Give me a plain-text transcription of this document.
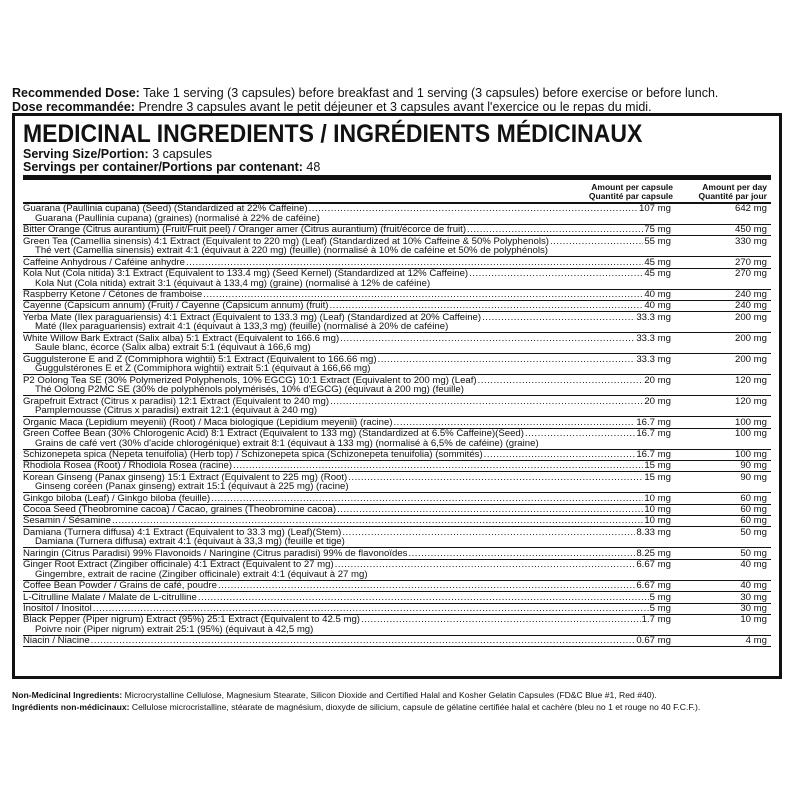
Recommended Dose: Take 1 serving (3 capsules) before breakfast and 1 serving (3 capsules) before exercise or before lunch.
Dose recommandée: Prendre 3 capsules avant le petit déjeuner et 3 capsules avant l'exercice ou le repas du midi.
MEDICINAL INGREDIENTS / INGRÉDIENTS MÉDICINAUX
Serving Size/Portion: 3 capsules
Servings per container/Portions par contenant: 48
Amount per capsule
Quantité par capsule
Amount per day
Quantité par jour
Guarana (Paullinia cupana) (Seed) (Standardized at 22% Caffeine) .....	107 mg	642 mg
Guarana (Paullinia cupana) (graines) (normalisé à 22% de caféine)
Bitter Orange (Citrus aurantium) (Fruit/Fruit peel) / Oranger amer (Citrus aurantium) (fruit/écorce de fruit) .....	75 mg	450 mg
Green Tea (Camellia sinensis) 4:1 Extract (Equivalent to 220 mg) (Leaf) (Standardized at 10% Caffeine & 50% Polyphenols) .....	55 mg	330 mg
Thé vert (Camellia sinensis) extrait 4:1 (équivaut à 220 mg) (feuille) (normalisé à 10% de caféine et 50% de polyphénols)
Caffeine Anhydrous / Caféine anhydre .....	45 mg	270 mg
Kola Nut (Cola nitida) 3:1 Extract (Equivalent to 133.4 mg) (Seed Kernel) (Standardized at 12% Caffeine) .....	45 mg	270 mg
Kola Nut (Cola nitida) extrait 3:1 (équivaut à 133,4 mg) (graine) (normalisé à 12% de caféine)
Raspberry Ketone / Cétones de framboise .....	40 mg	240 mg
Cayenne (Capsicum annum) (Fruit) / Cayenne (Capsicum annum) (fruit) .....	40 mg	240 mg
Yerba Mate (Ilex paraguariensis) 4:1 Extract (Equivalent to 133.3 mg) (Leaf) (Standardized at 20% Caffeine) .....	33.3 mg	200 mg
Maté (Ilex paraguariensis) extrait 4:1 (équivaut à 133,3 mg) (feuille) (normalisé à 20% de caféine)
White Willow Bark Extract (Salix alba) 5:1 Extract (Equivalent to 166.6 mg) .....	33.3 mg	200 mg
Saule blanc, écorce (Salix alba) extrait 5:1 (équivaut à 166,6 mg)
Guggulsterone E and Z (Commiphora wightii) 5:1 Extract (Equivalent to 166.66 mg) .....	33.3 mg	200 mg
Guggulstérones E et Z (Commiphora wightii) extrait 5:1 (équivaut à 166,66 mg)
P2 Oolong Tea SE (30% Polymerized Polyphenols, 10% EGCG) 10:1 Extract (Equivalent to 200 mg) (Leaf) .....	20 mg	120 mg
Thé Oolong P2MC SE (30% de polyphénols polymérisés, 10% d'EGCG) (équivaut à 200 mg) (feuille)
Grapefruit Extract (Citrus x paradisi) 12:1 Extract (Equivalent to 240 mg) .....	20 mg	120 mg
Pamplemousse (Citrus x paradisi) extrait 12:1 (équivaut à 240 mg)
Organic Maca (Lepidium meyenii) (Root) / Maca biologique (Lepidium meyenii) (racine) .....	16.7 mg	100 mg
Green Coffee Bean (30% Chlorogenic Acid) 8:1 Extract (Equivalent to 133 mg) (Standardized at 6.5% Caffeine)(Seed) .....	16.7 mg	100 mg
Grains de café vert (30% d'acide chlorogénique) extrait 8:1 (équivaut à 133 mg) (normalisé à 6,5% de caféine) (graine)
Schizonepeta spica (Nepeta tenuifolia) (Herb top) / Schizonepeta spica (Schizonepeta tenuifolia) (sommités) .....	16.7 mg	100 mg
Rhodiola Rosea (Root) / Rhodiola Rosea (racine) .....	15 mg	90 mg
Korean Ginseng (Panax ginseng) 15:1 Extract (Equivalent to 225 mg) (Root) .....	15 mg	90 mg
Ginseng coréen (Panax ginseng) extrait 15:1 (équivaut à 225 mg) (racine)
Ginkgo biloba (Leaf) / Ginkgo biloba (feuille) .....	10 mg	60 mg
Cocoa Seed (Theobromine cacoa) / Cacao, graines (Theobromine cacoa) .....	10 mg	60 mg
Sesamin / Sésamine .....	10 mg	60 mg
Damiana (Turnera diffusa) 4:1 Extract (Equivalent to 33.3 mg) (Leaf)(Stem) .....	8.33 mg	50 mg
Damiana (Turnera diffusa) extrait 4:1 (équivaut à 33,3 mg) (feuille et tige)
Naringin (Citrus Paradisi) 99% Flavonoids / Naringine (Citrus paradisi) 99% de flavonoïdes .....	8.25 mg	50 mg
Ginger Root Extract (Zingiber officinale) 4:1 Extract (Equivalent to 27 mg) .....	6.67 mg	40 mg
Gingembre, extrait de racine (Zingiber officinale) extrait 4:1 (équivaut à 27 mg)
Coffee Bean Powder / Grains de café, poudre .....	6.67 mg	40 mg
L-Citrulline Malate / Malate de L-citrulline .....	5 mg	30 mg
Inositol / Inositol .....	5 mg	30 mg
Black Pepper (Piper nigrum) Extract (95%) 25:1 Extract (Equivalent to 42.5 mg) .....	1.7 mg	10 mg
Poivre noir (Piper nigrum) extrait 25:1 (95%) (équivaut à 42,5 mg)
Niacin / Niacine .....	0.67 mg	4 mg
Non-Medicinal Ingredients: Microcrystalline Cellulose, Magnesium Stearate, Silicon Dioxide and Certified Halal and Kosher Gelatin Capsules (FD&C Blue #1, Red #40).
Ingrédients non-médicinaux: Cellulose microcristalline, stéarate de magnésium, dioxyde de silicium, capsule de gélatine certifiée halal et cachère (bleu no 1 et rouge no 40 F.C.F.).
